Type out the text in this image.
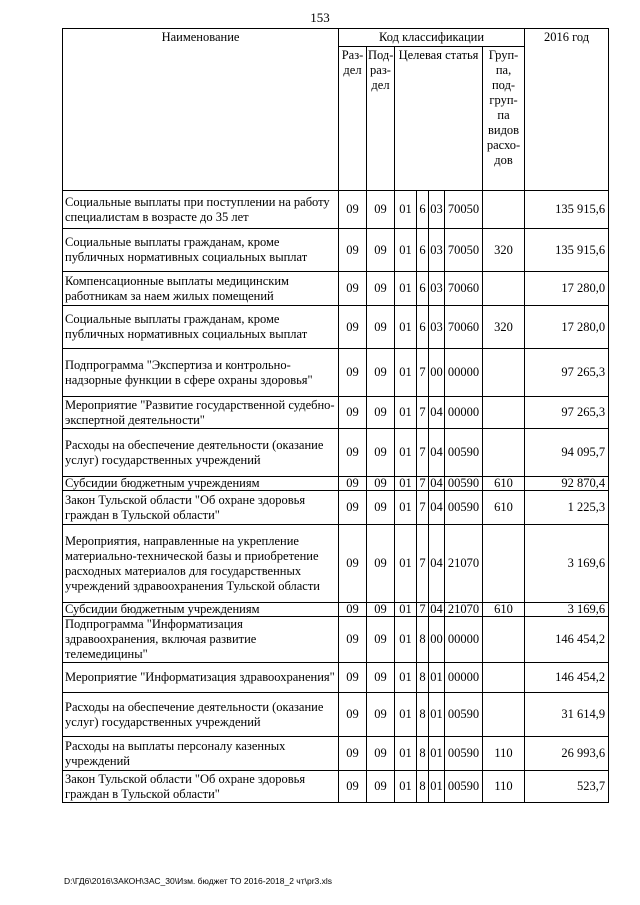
153
Наименование	Код классификации							2016 год
	Раз-дел	Под-раз-дел	Целевая статья				Груп-па, под-груп-па видов расхо-дов	
Социальные выплаты при поступлении на работу специалистам в возрасте до 35 лет	09	09	01	6	03	70050		135 915,6
Социальные выплаты гражданам, кроме публичных нормативных социальных выплат	09	09	01	6	03	70050	320	135 915,6
Компенсационные выплаты медицинским работникам за наем жилых помещений	09	09	01	6	03	70060		17 280,0
Социальные выплаты гражданам, кроме публичных нормативных социальных выплат	09	09	01	6	03	70060	320	17 280,0
Подпрограмма "Экспертиза и контрольно-надзорные функции в сфере охраны здоровья"	09	09	01	7	00	00000		97 265,3
Мероприятие "Развитие государственной судебно-экспертной деятельности"	09	09	01	7	04	00000		97 265,3
Расходы на обеспечение деятельности (оказание услуг) государственных учреждений	09	09	01	7	04	00590		94 095,7
Субсидии бюджетным учреждениям	09	09	01	7	04	00590	610	92 870,4
Закон Тульской области "Об охране здоровья граждан в Тульской области"	09	09	01	7	04	00590	610	1 225,3
Мероприятия, направленные на укрепление материально-технической базы и приобретение расходных материалов для государственных учреждений здравоохранения Тульской области	09	09	01	7	04	21070		3 169,6
Субсидии бюджетным учреждениям	09	09	01	7	04	21070	610	3 169,6
Подпрограмма "Информатизация здравоохранения, включая развитие телемедицины"	09	09	01	8	00	00000		146 454,2
Мероприятие "Информатизация здравоохранения"	09	09	01	8	01	00000		146 454,2
Расходы на обеспечение деятельности (оказание услуг) государственных учреждений	09	09	01	8	01	00590		31 614,9
Расходы на выплаты персоналу казенных учреждений	09	09	01	8	01	00590	110	26 993,6
Закон Тульской области "Об охране здоровья граждан в Тульской области"	09	09	01	8	01	00590	110	523,7
D:\ГД6\2016\ЗАКОН\ЗАС_30\Изм. бюджет ТО 2016-2018_2 чт\pr3.xls
